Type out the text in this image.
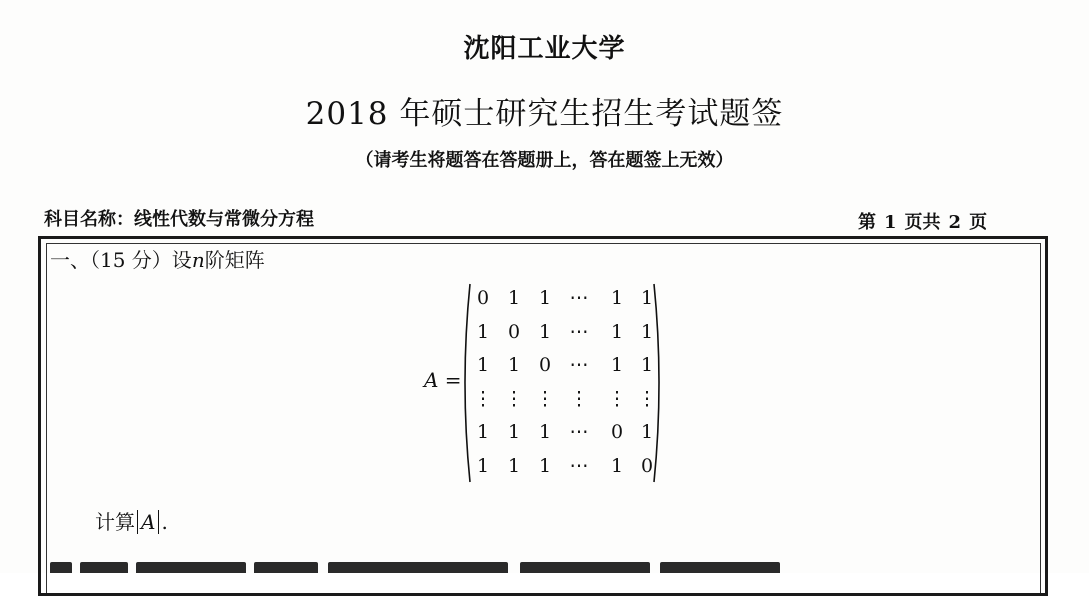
沈阳工业大学
2018 年硕士研究生招生考试题签
（请考生将题答在答题册上，答在题签上无效）
科目名称：线性代数与常微分方程	第 1 页共 2 页
一、（15 分）设n阶矩阵
A =
0 1 1 ⋯	1 1
1 0 1 ⋯	1 1
1 1 0 ⋯	1 1
⋮ ⋮ ⋮ ⋮ ⋮ ⋮
1 1 1 ⋯	0 1
1 1 1 ⋯	1 0
计算 A .
